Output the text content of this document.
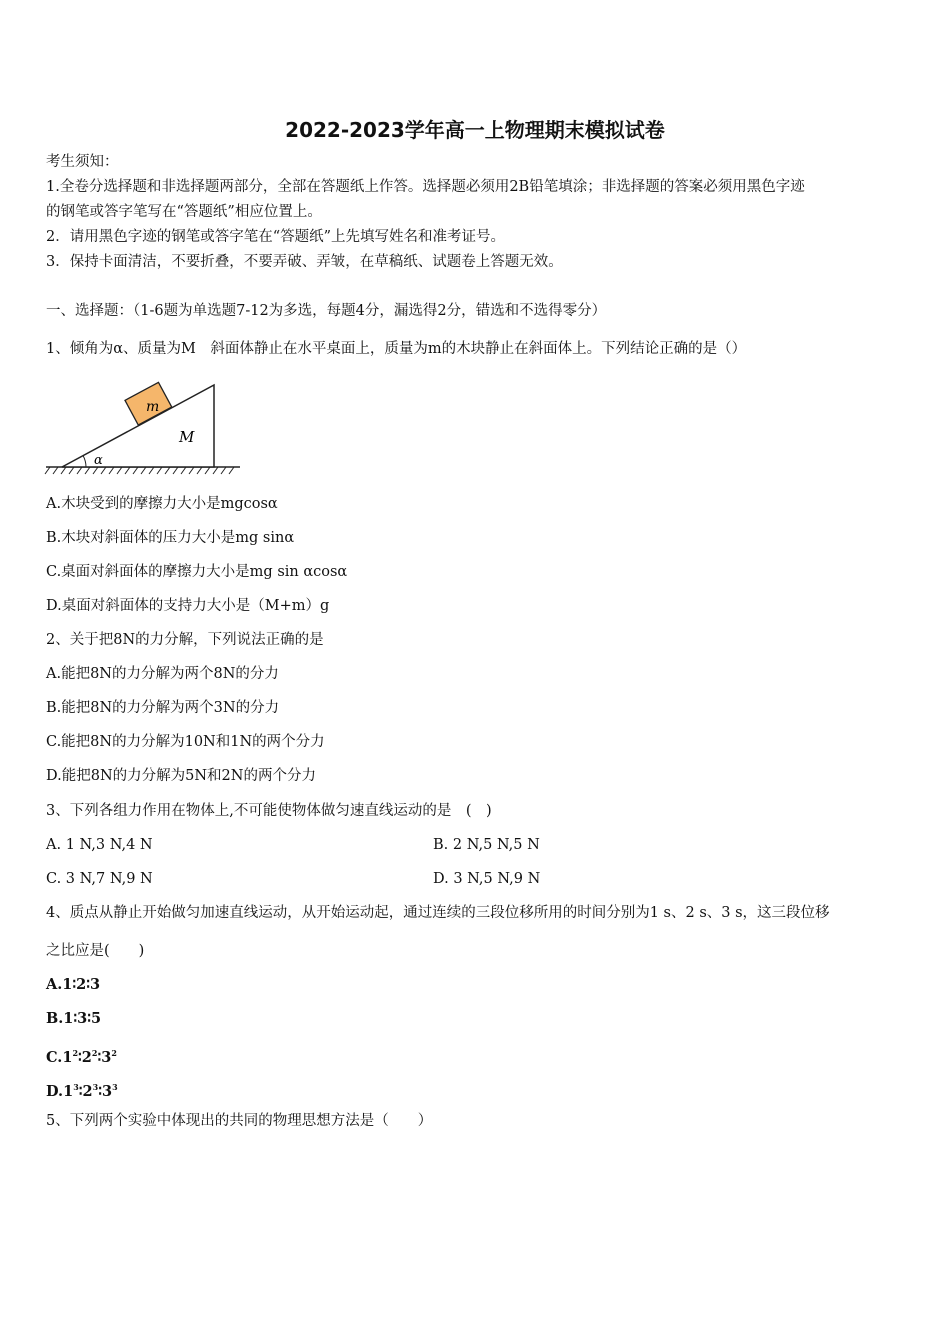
2022-2023学年高一上物理期末模拟试卷
考生须知：
1.全卷分选择题和非选择题两部分，全部在答题纸上作答。选择题必须用2B铅笔填涂；非选择题的答案必须用黑色字迹
的钢笔或答字笔写在“答题纸”相应位置上。
2．请用黑色字迹的钢笔或答字笔在“答题纸”上先填写姓名和准考证号。
3．保持卡面清洁，不要折叠，不要弄破、弄皱，在草稿纸、试题卷上答题无效。
一、选择题：（1-6题为单选题7-12为多选，每题4分，漏选得2分，错选和不选得零分）
1、倾角为α、质量为M　斜面体静止在水平桌面上，质量为m的木块静止在斜面体上。下列结论正确的是（）
m
M
α
A.木块受到的摩擦力大小是mgcosα
B.木块对斜面体的压力大小是mg sinα
C.桌面对斜面体的摩擦力大小是mg sin αcosα
D.桌面对斜面体的支持力大小是（M+m）g
2、关于把8N的力分解，下列说法正确的是
A.能把8N的力分解为两个8N的分力
B.能把8N的力分解为两个3N的分力
C.能把8N的力分解为10N和1N的两个分力
D.能把8N的力分解为5N和2N的两个分力
3、下列各组力作用在物体上,不可能使物体做匀速直线运动的是　(　)
A. 1 N,3 N,4 N	B. 2 N,5 N,5 N
C. 3 N,7 N,9 N	D. 3 N,5 N,9 N
4、质点从静止开始做匀加速直线运动，从开始运动起，通过连续的三段位移所用的时间分别为1 s、2 s、3 s，这三段位移
之比应是(　　)
A.1∶2∶3
B.1∶3∶5
$C.1^2∶2^2∶3^2$
$D.1^3∶2^3∶3^3$
5、下列两个实验中体现出的共同的物理思想方法是（　　）
